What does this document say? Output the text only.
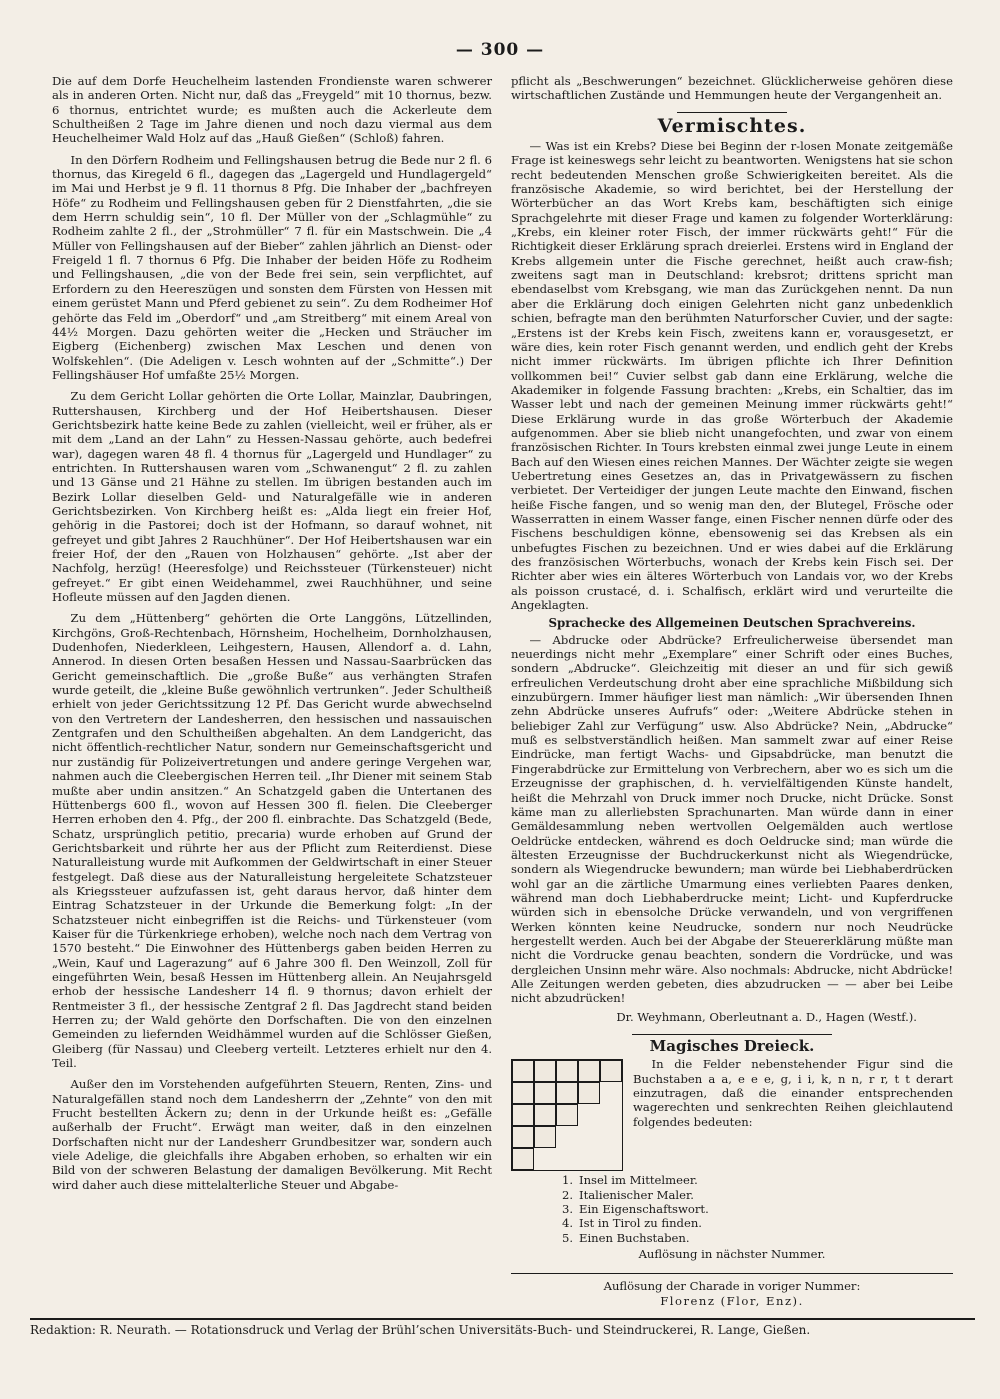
— 300 —

Die auf dem Dorfe Heuchelheim lastenden Frondienste waren schwerer als in anderen Orten. Nicht nur, daß das „Freygeld“ mit 10 thornus, bezw. 6 thornus, entrichtet wurde; es mußten auch die Ackerleute dem Schultheißen 2 Tage im Jahre dienen und noch dazu viermal aus dem Heuchelheimer Wald Holz auf das „Hauß Gießen“ (Schloß) fahren.

In den Dörfern Rodheim und Fellingshausen betrug die Bede nur 2 fl. 6 thornus, das Kiregeld 6 fl., dagegen das „Lagergeld und Hundlagergeld“ im Mai und Herbst je 9 fl. 11 thornus 8 Pfg. Die Inhaber der „bachfreyen Höfe“ zu Rodheim und Fellingshausen geben für 2 Dienstfahrten, „die sie dem Herrn schuldig sein“, 10 fl. Der Müller von der „Schlagmühle“ zu Rodheim zahlte 2 fl., der „Strohmüller“ 7 fl. für ein Mastschwein. Die „4 Müller von Fellingshausen auf der Bieber“ zahlen jährlich an Dienst- oder Freigeld 1 fl. 7 thornus 6 Pfg. Die Inhaber der beiden Höfe zu Rodheim und Fellingshausen, „die von der Bede frei sein, sein verpflichtet, auf Erfordern zu den Heereszügen und sonsten dem Fürsten von Hessen mit einem gerüstet Mann und Pferd gebienet zu sein“. Zu dem Rodheimer Hof gehörte das Feld im „Oberdorf“ und „am Streitberg“ mit einem Areal von 44½ Morgen. Dazu gehörten weiter die „Hecken und Sträucher im Eigberg (Eichenberg) zwischen Max Leschen und denen von Wolfskehlen“. (Die Adeligen v. Lesch wohnten auf der „Schmitte“.) Der Fellingshäuser Hof umfaßte 25½ Morgen.

Zu dem Gericht Lollar gehörten die Orte Lollar, Mainzlar, Daubringen, Ruttershausen, Kirchberg und der Hof Heibertshausen. Dieser Gerichtsbezirk hatte keine Bede zu zahlen (vielleicht, weil er früher, als er mit dem „Land an der Lahn“ zu Hessen-Nassau gehörte, auch bedefrei war), dagegen waren 48 fl. 4 thornus für „Lagergeld und Hundlager“ zu entrichten. In Ruttershausen waren vom „Schwanengut“ 2 fl. zu zahlen und 13 Gänse und 21 Hähne zu stellen. Im übrigen bestanden auch im Bezirk Lollar dieselben Geld- und Naturalgefälle wie in anderen Gerichtsbezirken. Von Kirchberg heißt es: „Alda liegt ein freier Hof, gehörig in die Pastorei; doch ist der Hofmann, so darauf wohnet, nit gefreyet und gibt Jahres 2 Rauchhüner“. Der Hof Heibertshausen war ein freier Hof, der den „Rauen von Holzhausen“ gehörte. „Ist aber der Nachfolg, herzüg! (Heeresfolge) und Reichssteuer (Türkensteuer) nicht gefreyet.“ Er gibt einen Weidehammel, zwei Rauchhühner, und seine Hofleute müssen auf den Jagden dienen.

Zu dem „Hüttenberg“ gehörten die Orte Langgöns, Lützellinden, Kirchgöns, Groß-Rechtenbach, Hörnsheim, Hochelheim, Dornholzhausen, Dudenhofen, Niederkleen, Leihgestern, Hausen, Allendorf a. d. Lahn, Annerod. In diesen Orten besaßen Hessen und Nassau-Saarbrücken das Gericht gemeinschaftlich. Die „große Buße“ aus verhängten Strafen wurde geteilt, die „kleine Buße gewöhnlich vertrunken“. Jeder Schultheiß erhielt von jeder Gerichtssitzung 12 Pf. Das Gericht wurde abwechselnd von den Vertretern der Landesherren, den hessischen und nassauischen Zentgrafen und den Schultheißen abgehalten. An dem Landgericht, das nicht öffentlich-rechtlicher Natur, sondern nur Gemeinschaftsgericht und nur zuständig für Polizeivertretungen und andere geringe Vergehen war, nahmen auch die Cleebergischen Herren teil. „Ihr Diener mit seinem Stab mußte aber undin ansitzen.“ An Schatzgeld gaben die Untertanen des Hüttenbergs 600 fl., wovon auf Hessen 300 fl. fielen. Die Cleeberger Herren erhoben den 4. Pfg., der 200 fl. einbrachte. Das Schatzgeld (Bede, Schatz, ursprünglich petitio, precaria) wurde erhoben auf Grund der Gerichtsbarkeit und rührte her aus der Pflicht zum Reiterdienst. Diese Naturalleistung wurde mit Aufkommen der Geldwirtschaft in einer Steuer festgelegt. Daß diese aus der Naturalleistung hergeleitete Schatzsteuer als Kriegssteuer aufzufassen ist, geht daraus hervor, daß hinter dem Eintrag Schatzsteuer in der Urkunde die Bemerkung folgt: „In der Schatzsteuer nicht einbegriffen ist die Reichs- und Türkensteuer (vom Kaiser für die Türkenkriege erhoben), welche noch nach dem Vertrag von 1570 besteht.“ Die Einwohner des Hüttenbergs gaben beiden Herren zu „Wein, Kauf und Lagerazung“ auf 6 Jahre 300 fl. Den Weinzoll, Zoll für eingeführten Wein, besaß Hessen im Hüttenberg allein. An Neujahrsgeld erhob der hessische Landesherr 14 fl. 9 thornus; davon erhielt der Rentmeister 3 fl., der hessische Zentgraf 2 fl. Das Jagdrecht stand beiden Herren zu; der Wald gehörte den Dorfschaften. Die von den einzelnen Gemeinden zu liefernden Weidhämmel wurden auf die Schlösser Gießen, Gleiberg (für Nassau) und Cleeberg verteilt. Letzteres erhielt nur den 4. Teil.

Außer den im Vorstehenden aufgeführten Steuern, Renten, Zins- und Naturalgefällen stand noch dem Landesherrn der „Zehnte“ von den mit Frucht bestellten Äckern zu; denn in der Urkunde heißt es: „Gefälle außerhalb der Frucht“. Erwägt man weiter, daß in den einzelnen Dorfschaften nicht nur der Landesherr Grundbesitzer war, sondern auch viele Adelige, die gleichfalls ihre Abgaben erhoben, so erhalten wir ein Bild von der schweren Belastung der damaligen Bevölkerung. Mit Recht wird daher auch diese mittelalterliche Steuer und Abgabe-

pflicht als „Beschwerungen“ bezeichnet. Glücklicherweise gehören diese wirtschaftlichen Zustände und Hemmungen heute der Vergangenheit an.

Vermischtes.

— Was ist ein Krebs? Diese bei Beginn der r-losen Monate zeitgemäße Frage ist keineswegs sehr leicht zu beantworten. Wenigstens hat sie schon recht bedeutenden Menschen große Schwierigkeiten bereitet. Als die französische Akademie, so wird berichtet, bei der Herstellung der Wörterbücher an das Wort Krebs kam, beschäftigten sich einige Sprachgelehrte mit dieser Frage und kamen zu folgender Worterklärung: „Krebs, ein kleiner roter Fisch, der immer rückwärts geht!“ Für die Richtigkeit dieser Erklärung sprach dreierlei. Erstens wird in England der Krebs allgemein unter die Fische gerechnet, heißt auch craw-fish; zweitens sagt man in Deutschland: krebsrot; drittens spricht man ebendaselbst vom Krebsgang, wie man das Zurückgehen nennt. Da nun aber die Erklärung doch einigen Gelehrten nicht ganz unbedenklich schien, befragte man den berühmten Naturforscher Cuvier, und der sagte: „Erstens ist der Krebs kein Fisch, zweitens kann er, vorausgesetzt, er wäre dies, kein roter Fisch genannt werden, und endlich geht der Krebs nicht immer rückwärts. Im übrigen pflichte ich Ihrer Definition vollkommen bei!“ Cuvier selbst gab dann eine Erklärung, welche die Akademiker in folgende Fassung brachten: „Krebs, ein Schaltier, das im Wasser lebt und nach der gemeinen Meinung immer rückwärts geht!“ Diese Erklärung wurde in das große Wörterbuch der Akademie aufgenommen. Aber sie blieb nicht unangefochten, und zwar von einem französischen Richter. In Tours krebsten einmal zwei junge Leute in einem Bach auf den Wiesen eines reichen Mannes. Der Wächter zeigte sie wegen Uebertretung eines Gesetzes an, das in Privatgewässern zu fischen verbietet. Der Verteidiger der jungen Leute machte den Einwand, fischen heiße Fische fangen, und so wenig man den, der Blutegel, Frösche oder Wasserratten in einem Wasser fange, einen Fischer nennen dürfe oder des Fischens beschuldigen könne, ebensowenig sei das Krebsen als ein unbefugtes Fischen zu bezeichnen. Und er wies dabei auf die Erklärung des französischen Wörterbuchs, wonach der Krebs kein Fisch sei. Der Richter aber wies ein älteres Wörterbuch von Landais vor, wo der Krebs als poisson crustacé, d. i. Schalfisch, erklärt wird und verurteilte die Angeklagten.

Sprachecke des Allgemeinen Deutschen Sprachvereins.

— Abdrucke oder Abdrücke? Erfreulicherweise übersendet man neuerdings nicht mehr „Exemplare“ einer Schrift oder eines Buches, sondern „Abdrucke“. Gleichzeitig mit dieser an und für sich gewiß erfreulichen Verdeutschung droht aber eine sprachliche Mißbildung sich einzubürgern. Immer häufiger liest man nämlich: „Wir übersenden Ihnen zehn Abdrücke unseres Aufrufs“ oder: „Weitere Abdrücke stehen in beliebiger Zahl zur Verfügung“ usw. Also Abdrücke? Nein, „Abdrucke“ muß es selbstverständlich heißen. Man sammelt zwar auf einer Reise Eindrücke, man fertigt Wachs- und Gipsabdrücke, man benutzt die Fingerabdrücke zur Ermittelung von Verbrechern, aber wo es sich um die Erzeugnisse der graphischen, d. h. vervielfältigenden Künste handelt, heißt die Mehrzahl von Druck immer noch Drucke, nicht Drücke. Sonst käme man zu allerliebsten Sprachunarten. Man würde dann in einer Gemäldesammlung neben wertvollen Oelgemälden auch wertlose Oeldrücke entdecken, während es doch Oeldrucke sind; man würde die ältesten Erzeugnisse der Buchdruckerkunst nicht als Wiegendrücke, sondern als Wiegendrucke bewundern; man würde bei Liebhaberdrücken wohl gar an die zärtliche Umarmung eines verliebten Paares denken, während man doch Liebhaberdrucke meint; Licht- und Kupferdrucke würden sich in ebensolche Drücke verwandeln, und von vergriffenen Werken könnten keine Neudrucke, sondern nur noch Neudrücke hergestellt werden. Auch bei der Abgabe der Steuererklärung müßte man nicht die Vordrucke genau beachten, sondern die Vordrücke, und was dergleichen Unsinn mehr wäre. Also nochmals: Abdrucke, nicht Abdrücke! Alle Zeitungen werden gebeten, dies abzudrucken — — aber bei Leibe nicht abzudrücken!

Dr. Weyhmann, Oberleutnant a. D., Hagen (Westf.).
Magisches Dreieck.

In die Felder nebenstehender Figur sind die Buchstaben a a, e e e, g, i i, k, n n, r r, t t derart einzutragen, daß die einander entsprechenden wagerechten und senkrechten Reihen gleichlautend folgendes bedeuten:

1. Insel im Mittelmeer.
2. Italienischer Maler.
3. Ein Eigenschaftswort.
4. Ist in Tirol zu finden.
5. Einen Buchstaben.
Auflösung in nächster Nummer.
Auflösung der Charade in voriger Nummer:
Florenz (Flor, Enz).
Redaktion: R. Neurath. — Rotationsdruck und Verlag der Brühl’schen Universitäts-Buch- und Steindruckerei, R. Lange, Gießen.
